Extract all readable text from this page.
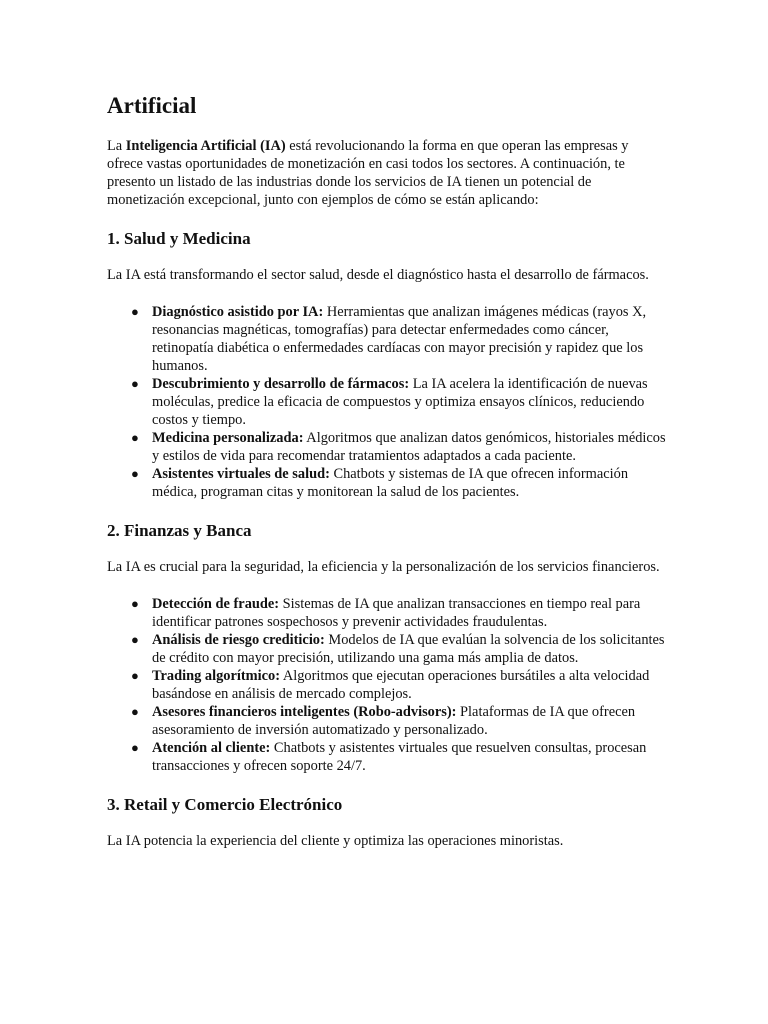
Artificial

La Inteligencia Artificial (IA) está revolucionando la forma en que operan las empresas y ofrece vastas oportunidades de monetización en casi todos los sectores. A continuación, te presento un listado de las industrias donde los servicios de IA tienen un potencial de monetización excepcional, junto con ejemplos de cómo se están aplicando:

1. Salud y Medicina

La IA está transformando el sector salud, desde el diagnóstico hasta el desarrollo de fármacos.

● Diagnóstico asistido por IA: Herramientas que analizan imágenes médicas (rayos X, resonancias magnéticas, tomografías) para detectar enfermedades como cáncer, retinopatía diabética o enfermedades cardíacas con mayor precisión y rapidez que los humanos.
● Descubrimiento y desarrollo de fármacos: La IA acelera la identificación de nuevas moléculas, predice la eficacia de compuestos y optimiza ensayos clínicos, reduciendo costos y tiempo.
● Medicina personalizada: Algoritmos que analizan datos genómicos, historiales médicos y estilos de vida para recomendar tratamientos adaptados a cada paciente.
● Asistentes virtuales de salud: Chatbots y sistemas de IA que ofrecen información médica, programan citas y monitorean la salud de los pacientes.
2. Finanzas y Banca

La IA es crucial para la seguridad, la eficiencia y la personalización de los servicios financieros.

● Detección de fraude: Sistemas de IA que analizan transacciones en tiempo real para identificar patrones sospechosos y prevenir actividades fraudulentas.
● Análisis de riesgo crediticio: Modelos de IA que evalúan la solvencia de los solicitantes de crédito con mayor precisión, utilizando una gama más amplia de datos.
● Trading algorítmico: Algoritmos que ejecutan operaciones bursátiles a alta velocidad basándose en análisis de mercado complejos.
● Asesores financieros inteligentes (Robo-advisors): Plataformas de IA que ofrecen asesoramiento de inversión automatizado y personalizado.
● Atención al cliente: Chatbots y asistentes virtuales que resuelven consultas, procesan transacciones y ofrecen soporte 24/7.
3. Retail y Comercio Electrónico

La IA potencia la experiencia del cliente y optimiza las operaciones minoristas.
